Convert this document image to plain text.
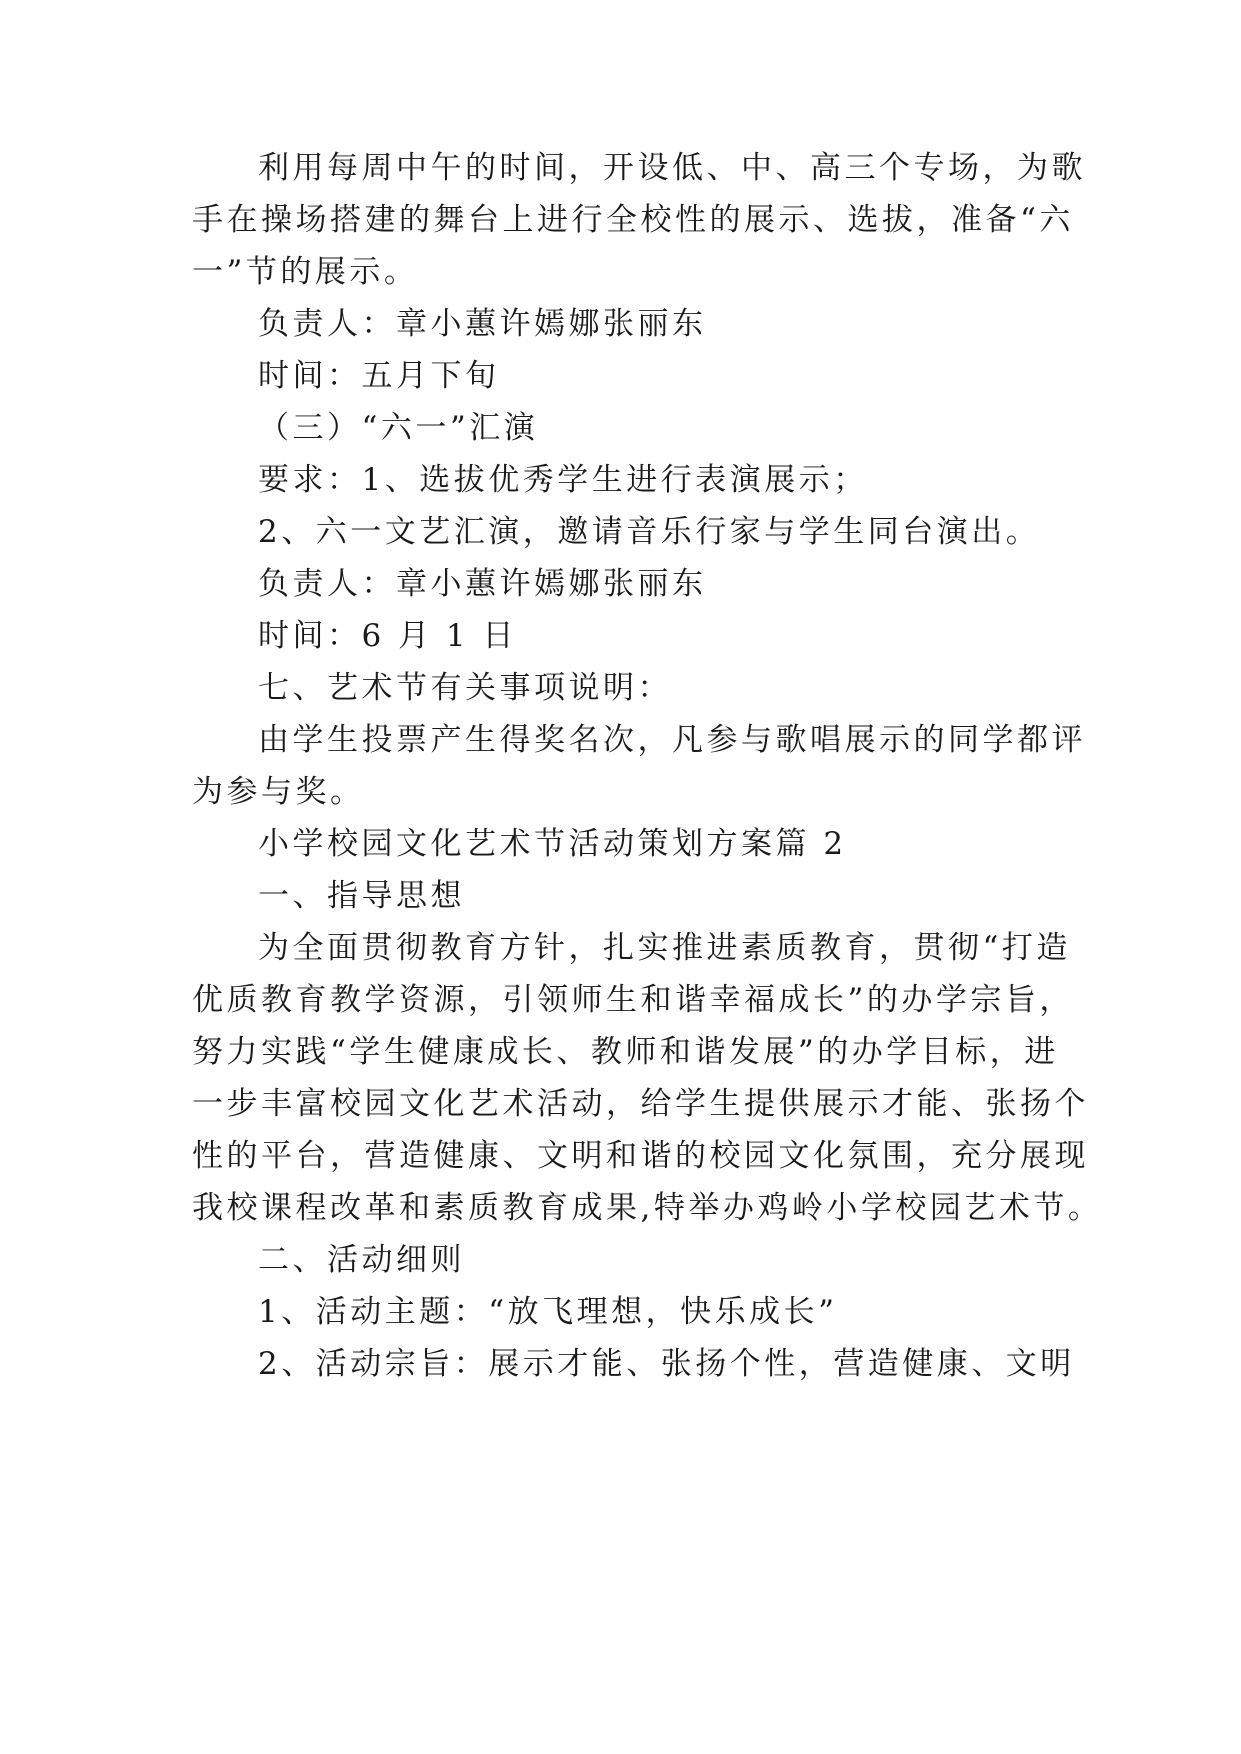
利用每周中午的时间，开设低、中、高三个专场，为歌
手在操场搭建的舞台上进行全校性的展示、选拔，准备“六
一”节的展示。
负责人：章小蕙许嫣娜张丽东
时间：五月下旬
（三）“六一”汇演
要求：1、选拔优秀学生进行表演展示；
2、六一文艺汇演，邀请音乐行家与学生同台演出。
负责人：章小蕙许嫣娜张丽东
时间：6 月 1 日
七、艺术节有关事项说明：
由学生投票产生得奖名次，凡参与歌唱展示的同学都评
为参与奖。
小学校园文化艺术节活动策划方案篇 2
一、指导思想
为全面贯彻教育方针，扎实推进素质教育，贯彻“打造
优质教育教学资源，引领师生和谐幸福成长”的办学宗旨，
努力实践“学生健康成长、教师和谐发展”的办学目标，进
一步丰富校园文化艺术活动，给学生提供展示才能、张扬个
性的平台，营造健康、文明和谐的校园文化氛围，充分展现
我校课程改革和素质教育成果,特举办鸡岭小学校园艺术节。
二、活动细则
1、活动主题：“放飞理想，快乐成长”
2、活动宗旨：展示才能、张扬个性，营造健康、文明
